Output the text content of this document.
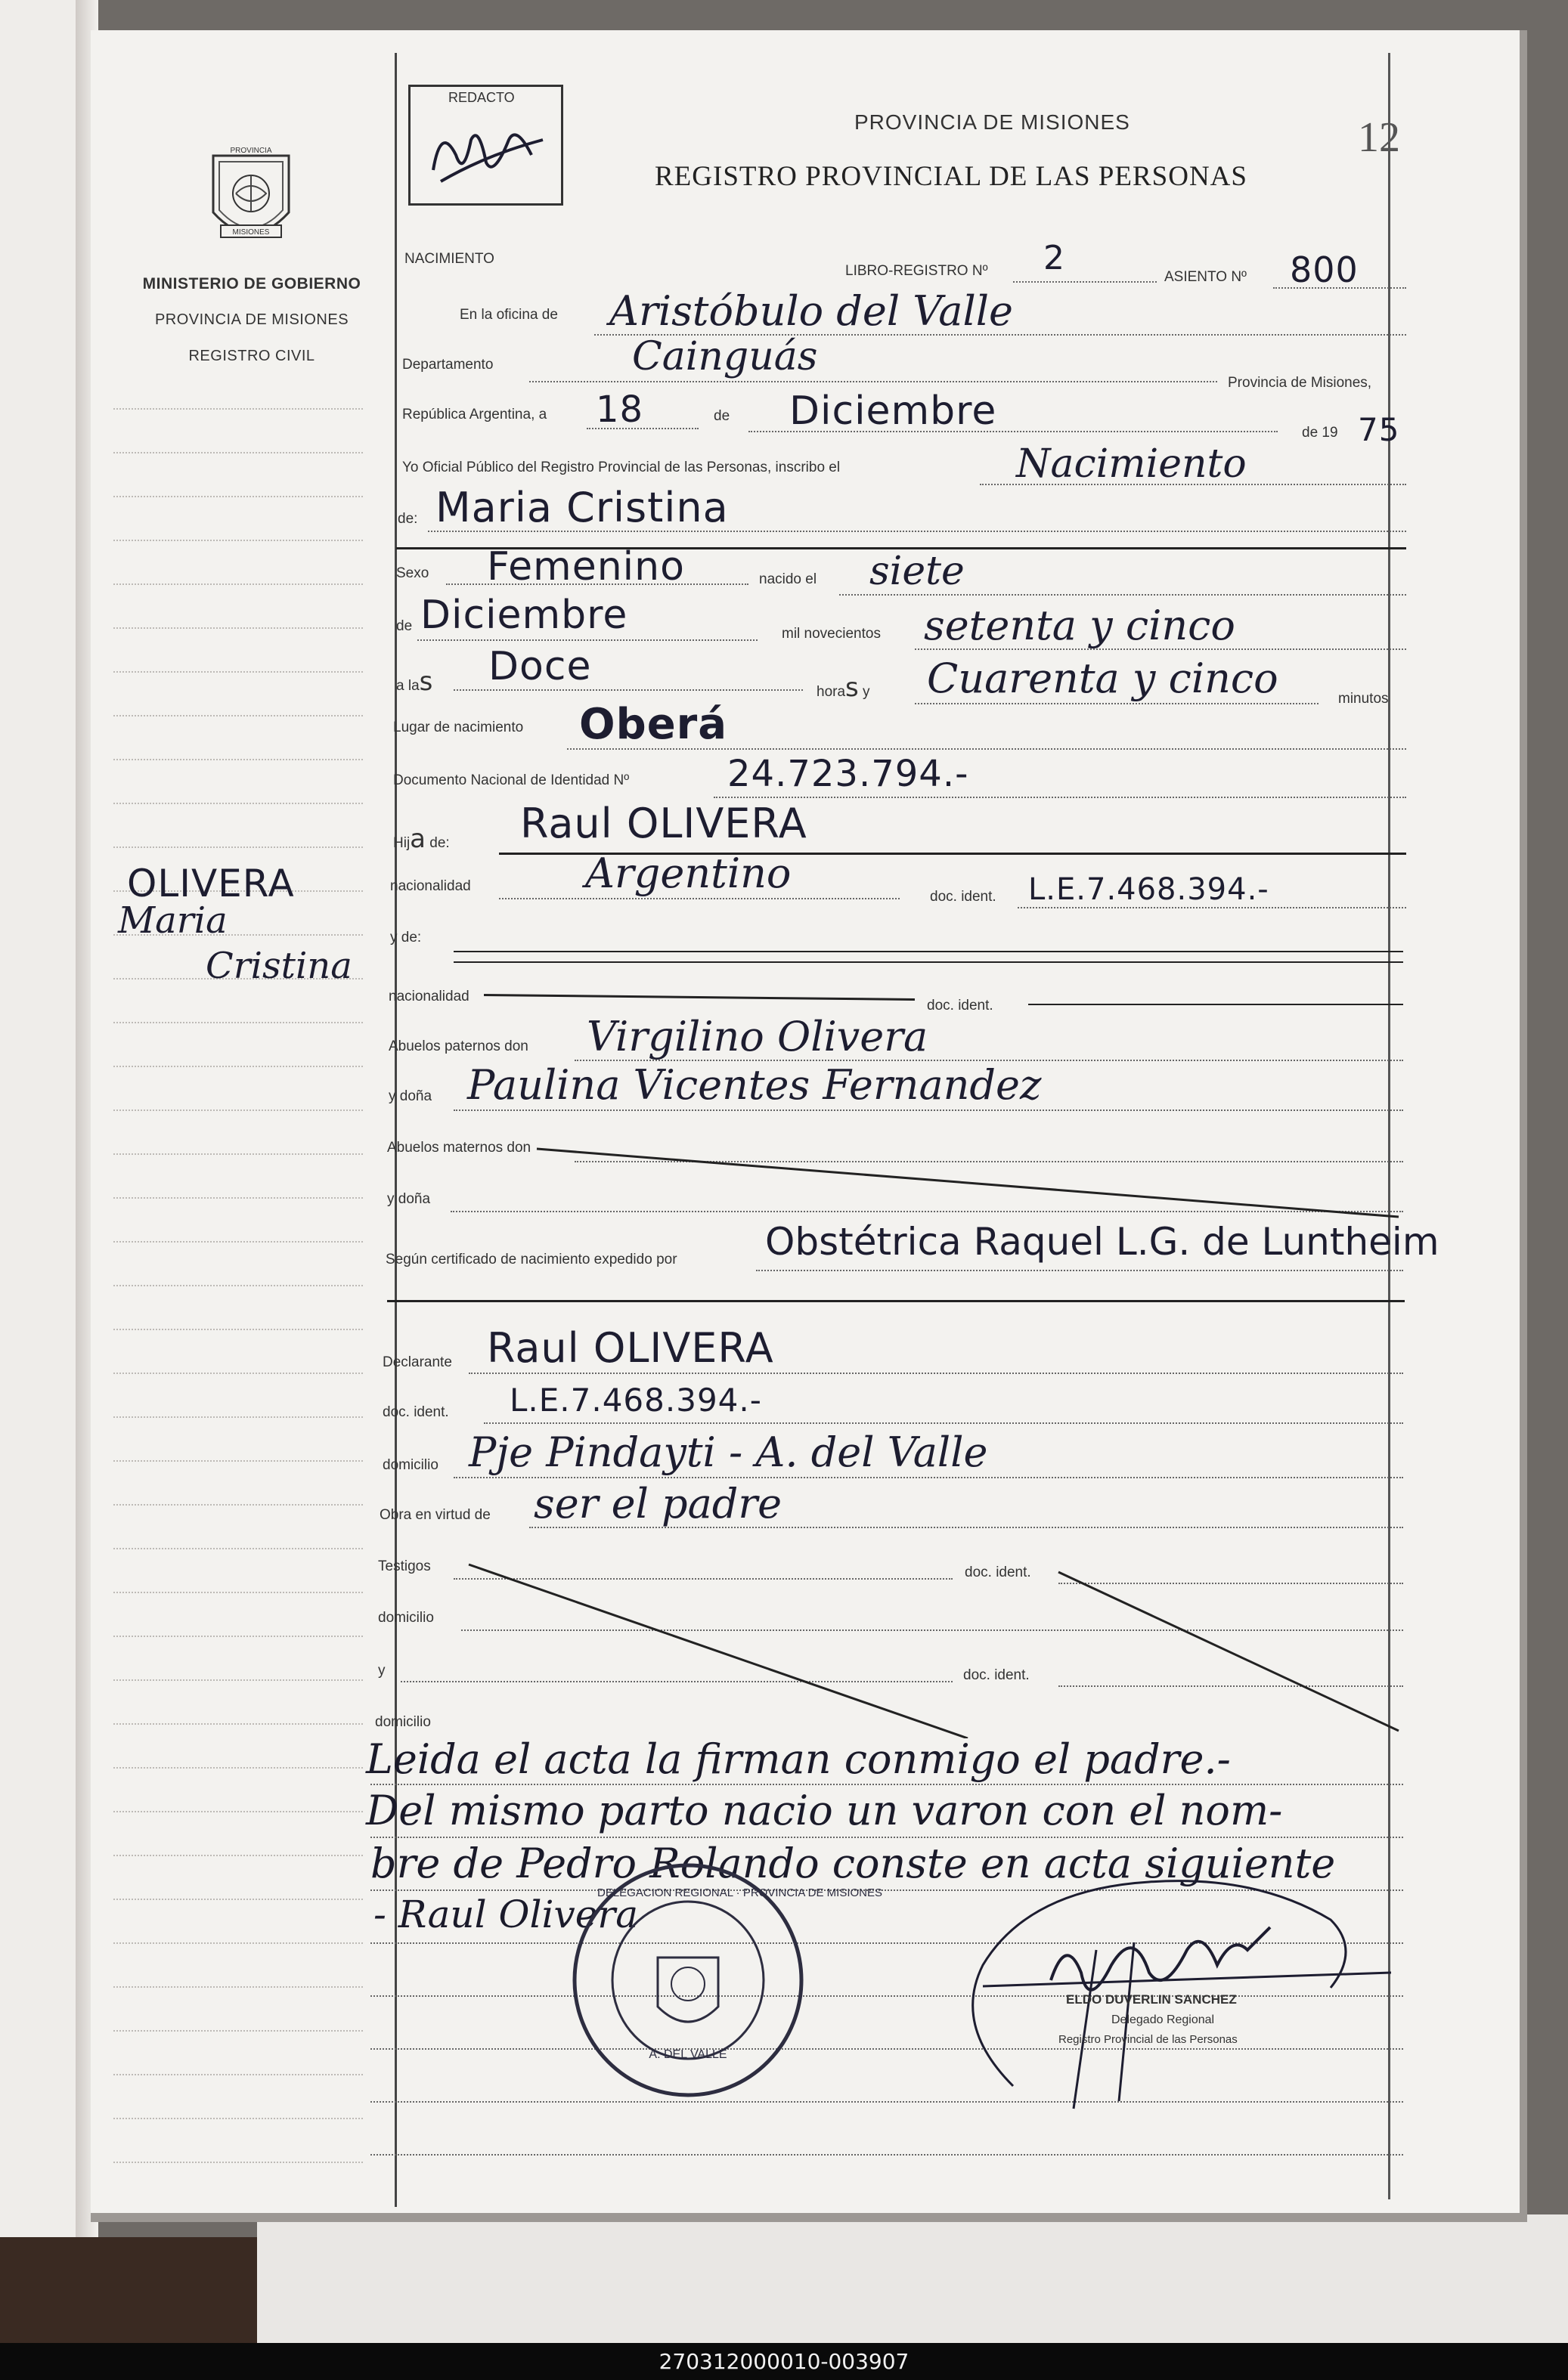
PROVINCIA
MISIONES
MINISTERIO DE GOBIERNO
PROVINCIA DE MISIONES
REGISTRO CIVIL
OLIVERA
Maria
Cristina
REDACTO
PROVINCIA DE MISIONES
REGISTRO PROVINCIAL DE LAS PERSONAS
12
NACIMIENTO
LIBRO-REGISTRO Nº 2	ASIENTO Nº 800
En la oficina de Aristóbulo del Valle
Departamento	Cainguás
Provincia de Misiones,
República Argentina, a 18	de Diciembre	de 19 75
Yo Oficial Público del Registro Provincial de las Personas, inscribo el	Nacimiento
de: Maria Cristina
Sexo Femenino	nacido el siete
de Diciembre	mil novecientos setenta y cinco
a las Doce
horas y Cuarenta y cinco	minutos
Lugar de nacimiento Oberá
Documento Nacional de Identidad Nº	24.723.794.-
Hija de: Raul OLIVERA
nacionalidad	Argentino	doc. ident. L.E.7.468.394.-
y de:
nacionalidad
doc. ident.
Abuelos paternos don Virgilino Olivera
y doña Paulina Vicentes Fernandez
Abuelos maternos don
y doña
Según certificado de nacimiento expedido por Obstétrica Raquel L.G. de Luntheim
Declarante Raul OLIVERA
doc. ident. L.E.7.468.394.-
domicilio Pje Pindayti - A. del Valle
Obra en virtud de ser el padre
Testigos	doc. ident.
domicilio
y	doc. ident.
domicilio
Leida el acta la firman conmigo el padre.-
Del mismo parto nacio un varon con el nom-
bre de Pedro Rolando conste en acta siguiente
- Raul Olivera
DELEGACION REGIONAL · PROVINCIA DE MISIONES
A. DEL VALLE
ELDO DUVERLIN SANCHEZ
Delegado Regional
Registro Provincial de las Personas
270312000010-003907
